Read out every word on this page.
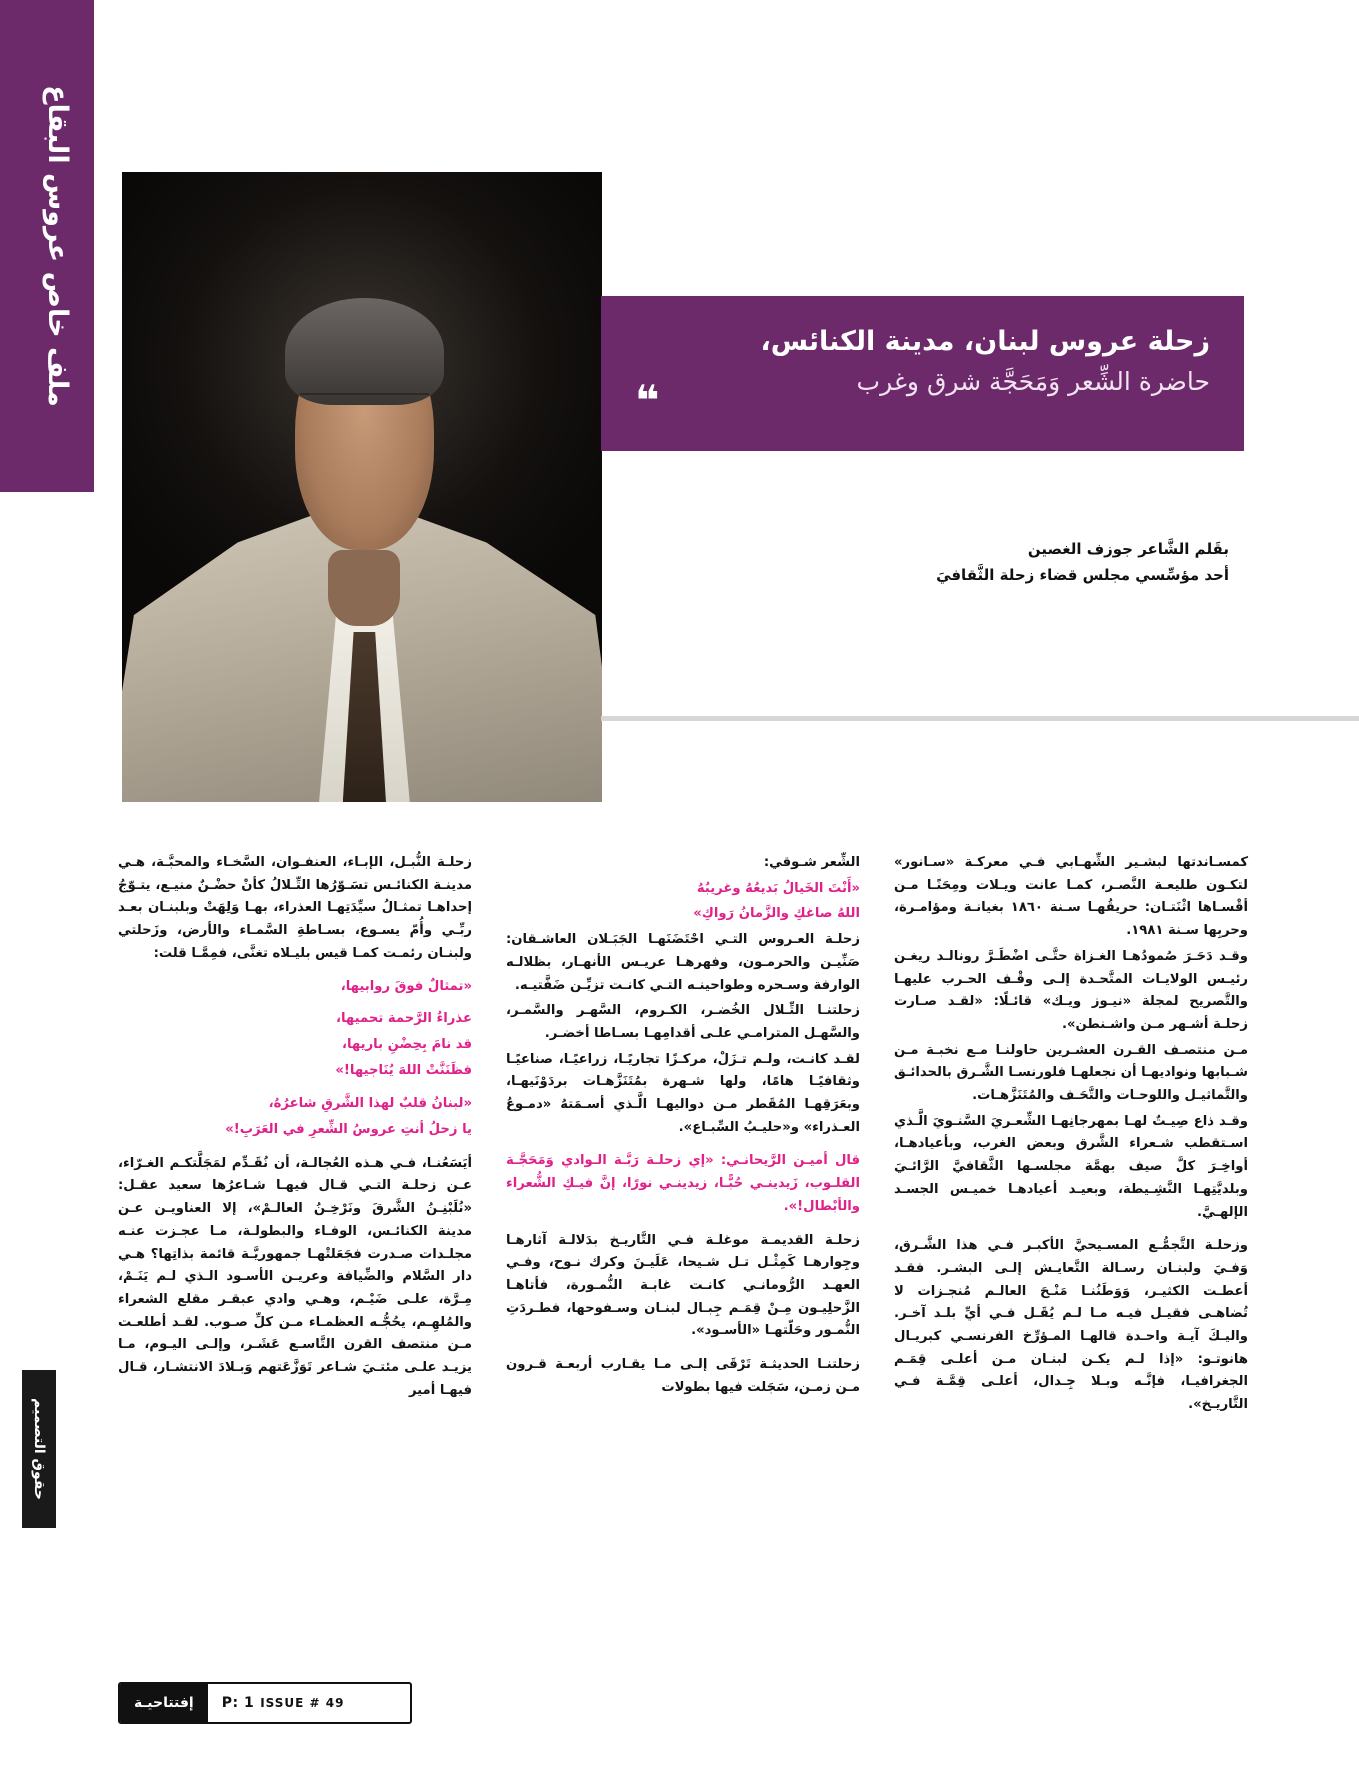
ملف خاص عروس البقاع
حقوق التصميم
زحلة عروس لبنان، مدينة الكنائس،
حاضرة الشِّعر وَمَحَجَّة شرق وغرب
❝
بقَلم الشَّاعر جوزف الغصين
أحد مؤسِّسي مجلس قضاء زحلة الثَّقافيَ

زحلـة النُّبـل، الإبـاء، العنفـوان، السَّخـاء والمحبَّـة، هـي مدينـة الكنائـس تسَـوّرُها التِّـلالُ كأنْ حضْـنٌ منيـع، يتـوّجُ إحداهـا تمثـالُ سيِّدَتِهـا العذراء، بهـا وَلِهَتْ وبلبنـان بعـد ربِّـي وأُمّ يسـوع، بسـاطةِ السَّمـاء والأرض، وزَحلتي ولبنـان رئمـت كمـا قيس بليـلاه تغنَّى، فمِمَّـا قلت:

«تمثالٌ فوقَ روابيها،

عذراءُ الرَّحمة تحميها،

قد نامَ بِحِضْنِ باريها،

فظَنَنَّتْ اللهَ يُنَاجيها!»

«لبنانُ قلبٌ لهذا الشَّرقِ شاعرُهُ،

يا زحلُ أنتِ عروسُ الشِّعرِ في العَرَبِ!»

أيَسَعُنـا، فـي هـذه العُجالـة، أن نُقَـدِّم لمَجَلَّتكـم الغـرّاء، عـن زحلـة التـي قـال فيهـا شـاعرُها سعيد عقـل: «نُلَبْنِـنُ الشَّرقَ ونَرْخِـنُ العالـمْ»، إلا العناويـن عـن مدينة الكنائـس، الوفـاء والبطولـة، مـا عجـزت عنـه مجلـدات صـدرت فجَعَلتْهـا جمهوريَّـة قائمة بذاتِها؟ هـي دار السَّلام والضِّيافة وعريـن الأسـود الـذي لـم يَنَـمْ، مِـرَّة، علـى ضَيْـم، وهـي وادي عبقـر مقلع الشعراء والمُلهِـم، يحُجُّـه العظمـاء مـن كلِّ صـوب. لقـد أطلعـت مـن منتصف القرن التَّاسـع عَشَـر، وإلـى اليـوم، مـا يزيـد علـى مئتـيَ شـاعر تَوَزَّعَتهم وَبـلادَ الانتشـار، قـال فيهـا أمير

الشِّعر شـوقي:

«أَنْتَ الخَيالُ بَديعُهُ وغريبُهُ

اللهُ صاغكِ والزَّمانُ رَواكِ»

زحلـة العـروس التـي احْتَضَنَهـا الجَبَـلان العاشـقان: صَنِّيـن والحرمـون، وفهرهـا عريـس الأنهـار، بظلالـه الوارفة وسـحره وطواحينـه التـي كانـت تزيِّـن ضَفَّتيـه.

زحلتنـا التِّـلال الخُضـر، الكـروم، السَّهـر والسَّمـر، والسَّهـل المترامـي علـى أقدامِهـا بسـاطا أخضـر.

لقـد كانـت، ولـم تـزَلْ، مركـزًا تجاريًـا، زراعيًـا، صناعيًـا وثقافيًـا هامًا، ولها شـهرة بمُتَنَزَّهـات بردَوْنَيهـا، وبعَرَقِهـا المُقَطر مـن دواليهـا الَّـذي أسـمَتهُ «دمـوعُ العـذراء» و«حليـبُ السِّبـاع».

قال أميـن الرَّيحانـي: «إي زحلـة رَبَّـة الـوادي وَمَحَجَّـة القلـوب، زَيدينـي حُبًّـا، زيدينـي نورًا، إنَّ فيـكِ الشُّعراء والأبْطال!».

زحلـة القديمـة موغلـة فـي التَّاريـخ بدَلالـة آثارهـا وجِوارهـا كَمِثْـل تـل شـيحا، عَلَيـنَ وكرك نـوح، وفـي العهـد الرُّومانـي كانـت غابـة النُّمـورة، فأتاهـا الزَّحلِيـون مِـنْ قِمَـم جِبـال لبنـان وسـفوحها، فطـردَتِ النُّمـور وحَلّتهـا «الأسـود».

زحلتنـا الحديثـة تَرْقَى إلـى مـا يقـارب أربعـة قـرون مـن زمـن، سَجَلت فيها بطولات

كمسـاندتها لبشـير الشِّهـابي فـي معركـة «سـانور» لتكـون طليعـة النَّصـر، كمـا عانت ويـلات ومِحَنًـا مـن أقْسـاها اثْنَتـان: حريقُهـا سـنة ١٨٦٠ بغيانـة ومؤامـرة، وحربِها سـنة ١٩٨١.

وقـد دَحَـرَ صُمودُهـا الغـزاة حتَّـى اضْطَـرَّ رونالـد ريغـن رئيـس الولايـات المتَّحـدة إلـى وقْـف الحـرب عليهـا والتَّصريح لمجلة «نيـوز ويـك» قائـلًا: «لقـد صـارت زحلـة أشـهر مـن واشـنطن».

مـن منتصـف القـرن العشـرين حاولنـا مـع نخبـة مـن شـبابها ونواديهـا أن نجعلهـا فلورنسـا الشَّـرق بالحدائـق والتَّماثيـل واللوحـات والتَّحَـف والمُتَنَزَّهـات.

وقـد ذاع صِيـتٌ لهـا بمهرجانِهـا الشِّعـريَ السَّنـويَ الَّـذي اسـتقطب شـعراء الشَّرق وبعض الغرب، وبأعيادهـا، أواخِـرَ كلَّ صيف بهمَّة مجلسـها الثَّقافيَّ الرَّائـيَ وبلديَّتِهـا النَّشِـيطة، وبعيـد أعيادهـا خميـس الجسـد الإلهـيَّ.

وزحلـة التَّجمُّـع المسـيحيَّ الأكبـر فـي هذا الشَّـرق، وَفـيَ ولبنـان رسـالة التَّعايـش إلـى البشـر. فقـد أعطـت الكثيـر، وَوَطَنُنـا مَنْـحَ العالـم مُنجـزات لا تُضاهـى فقيـل فيـه مـا لـم يُقَـل فـي أيِّ بلـد آخـر. واليـكَ آيـة واحـدة قالهـا المـؤرِّخ الفرنسـي كبريـال هانوتـو: «إذا لـم يكـن لبنـان مـن أعلـى قِمَـم الجغرافيـا، فإنَّـه وبـلا جِـدال، أعلـى قِمَّـة فـي التَّاريـخ».

إفتتاحيـة	P: 1 ISSUE # 49
